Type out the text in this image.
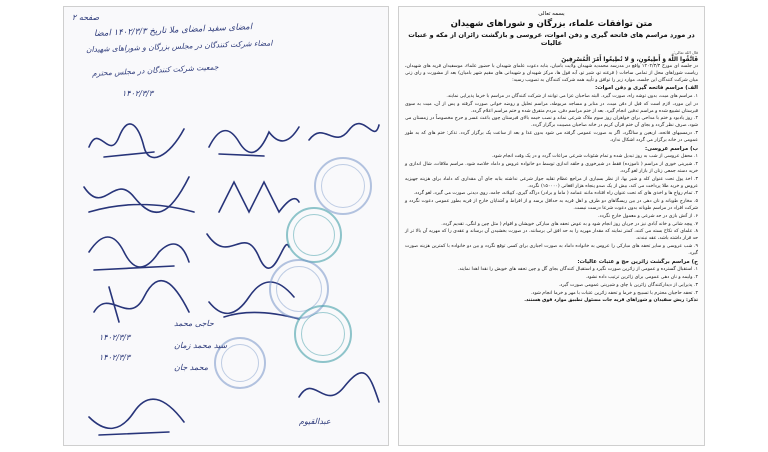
صفحه ۲
امضای سفید امضای ملا تاریخ ۱۴۰۲/۳/۳ امضا
امضاء شرکت کنندگان در مجلس بزرگان و شوراهای شهیدان
جمعیت شرکت کنندگان در مجلس محترم
۱۴۰۲/۳/۳
۱۴۰۲/۳/۳
۱۴۰۲/۳/۳
حاجی محمد
سید محمد زمان
محمد جان
عبدالقیوم
بسمه تعالی
متن توافقات علماء، بزرگان و شوراهای شهیدان
در مورد مراسم های فاتحه گیری و دفن اموات، عروسی و بازگشت زائران از مکه و عتبات عالیات
قال الله تعالی:
فَاتَّقُوا اللَّهَ وَ أَطِيعُونِ، وَ لا تُطِيعُوا أَمْرَ الْمُسْرِفِينَ
در جلسه ای مورخ ۱۴۰۲/۳/۳ واقع در مدرسه محمدیه شهیدان ولایت بامیان، بنابه دعوت علمای شهیدان با حضور علماء، موسفیدان قریه های شهیدان، ریاست شوراهای محل از تمامی ساحات ( قرغنه تو، شیر تو، آبه فول ها، مرکز شهیدان و شهیدانی های مقیم شهر بامیان) بعد از مشورت و رای زنی میان شرکت کنندگان این جلسه، موارد زیر را توافق و تأیید همه شرکت کنندگان به تصویب رسید:
الف) مراسم فاتحه گیری و دفن اموات:
۱. مراسم های میت، بدون توشه راه، صورت گیرد. البته صاحبان عزا می توانند از شرکت کنندگان در مراسم با خرما پذیرایی نمایند.
در این مورد، لازم است که قبل از دفن میت، در منابر و مساجد مربوطه، مراسم تحلیل و روضه خوانی صورت گرفته و پس از آن، میت به سوی قبرستان تشییع شده و مراسم تدفین انجام گیرد. بعد از ختم مراسم دفن، مردم متفرق شده و ختم مراسم اعلام گردد.
۲. روز یادبود و ختم با مداحی برای خواهران روز سوم ملاک شرعی نماند و نصب خیمه بالای قبرستان چون باعث عسر و حرج مخصوصاً در زمستان می شود، صرف نظر گردد و بجای آن ختم قرآن کریم در خانه صاحبان مصیبت برگزار گردد.
۳. درمسیهای فاتحه، اربعین و سالگرد، اگر به صورت عمومی گرفته می شود بدون غذا و بعد از ساعت یک برگزار گردد. تذکر: ختم های که به طور عمومی در خانه برگزار می گردد اشکال ندارد.
ب) مراسم عروسی:
۱. محفل عروسی از شب به روز تبدیل شده و تمام شئونات شرعی مراعات گردد و در یک وقت انجام شود.
۲. شیرینی خوری از مراسم ( ناموزده) فقط در شیرخوری و حلقه اندازی توسط دو خانواده عروس و داماد خلاصه شود. مراسم ملاقات، شال اندازی و خرید دسته جمعی زنان از بازار لغو گردد.
۳. اخذ پول تحت عنوان کله و شیر بها، از نظر بسیاری از مراجع عظام تقلید جواز شرعی نداشته بنابه جای آن مقداری که داماد برای هزینه جهیزیه عروس و خرید طلا پرداخت می کند، بیش از یک صدو پنجاه هزار افغانی (۱۵۰۰۰۰) نگردد.
۴. تمام رواج ها و اخذی های که تحت عنوان راه افتاده مانند عمامه ( ماما و برادر) دراگه گیری، کیپلانه، جامه، روی دیدنی صورت می گیرد، لغو گردد.
۵. مخارج طوبانه و نان دهی در بین ریسگاهای دو طرف و اهل قریه به حداقل برسد و از افراط و آشنایان خارج از قریه بطور عمومی دعوت نگردد و شرکت افراد در مراسم طوبانه بدون دعوت شرعا درست نیست.
۶. از آتش بازی در حد شرعی و معمول خارج نگردد.
۷. پیچه شانی و خانه آبادی نیز در جریان روز انجام شود و به عوض تحفه های مبارکی خویشان و اقوام ( مثل چین و لنگی، تقدیم گردد.
۸. علمای که نکاح بسته می کنند، کمتر نمایند که مقدار مهریه را به حد افق لی برسانند. در صورت بخشیدن آن برساند و عقدی را که مهریه آن بالا تر از حد قرار داشته باشد، عقد نبندند.
۹. شب عروسی و سایر تحفه های مبارکی را عروس به خانواده داماد به صورت اجباری برای کسی توقع نگردد و بین دو خانواده با کمترین هزینه صورت گیرد.
ج) مراسم برگشت زائرین حج و عتبات عالیات:
۱. استقبال گسترده و عمومی از زائرین صورت نگیرد و استقبال کنندگان بجای گل و چپن تحفه های خویش را نقدا اهدا نمایند.
۲. ولیمه و نان دهی عمومی برای زائرین ترتیب داده نشود.
۳. پذیرایی از دیدارکنندگان زائرین با چای و شیرینی عمومی صورت گیرد.
۴. تحفه حاجیان محترم با تسبیح و خرما و تحفه زائرین عتبات با مهر و خرما انجام شود.
تذکر: ریش سفیدان و شوراهای قریه جات مسئول تطبیق موارد فوق هستند.
